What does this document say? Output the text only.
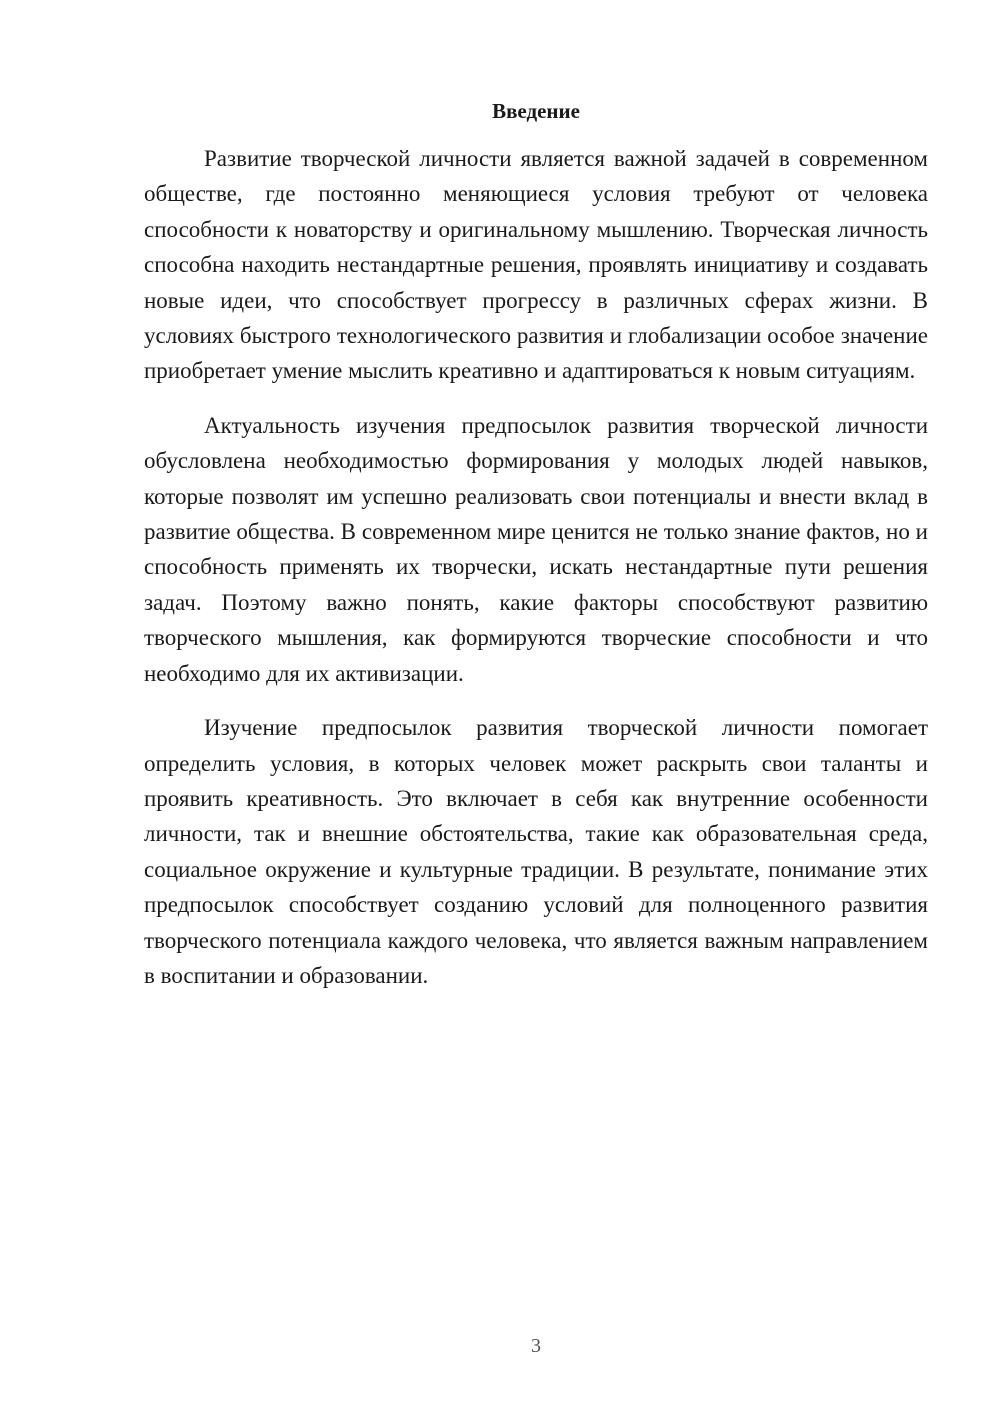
Введение

Развитие творческой личности является важной задачей в современном обществе, где постоянно меняющиеся условия требуют от человека способности к новаторству и оригинальному мышлению. Творческая личность способна находить нестандартные решения, проявлять инициативу и создавать новые идеи, что способствует прогрессу в различных сферах жизни. В условиях быстрого технологического развития и глобализации особое значение приобретает умение мыслить креативно и адаптироваться к новым ситуациям.

Актуальность изучения предпосылок развития творческой личности обусловлена необходимостью формирования у молодых людей навыков, которые позволят им успешно реализовать свои потенциалы и внести вклад в развитие общества. В современном мире ценится не только знание фактов, но и способность применять их творчески, искать нестандартные пути решения задач. Поэтому важно понять, какие факторы способствуют развитию творческого мышления, как формируются творческие способности и что необходимо для их активизации.

Изучение предпосылок развития творческой личности помогает определить условия, в которых человек может раскрыть свои таланты и проявить креативность. Это включает в себя как внутренние особенности личности, так и внешние обстоятельства, такие как образовательная среда, социальное окружение и культурные традиции. В результате, понимание этих предпосылок способствует созданию условий для полноценного развития творческого потенциала каждого человека, что является важным направлением в воспитании и образовании.

3
